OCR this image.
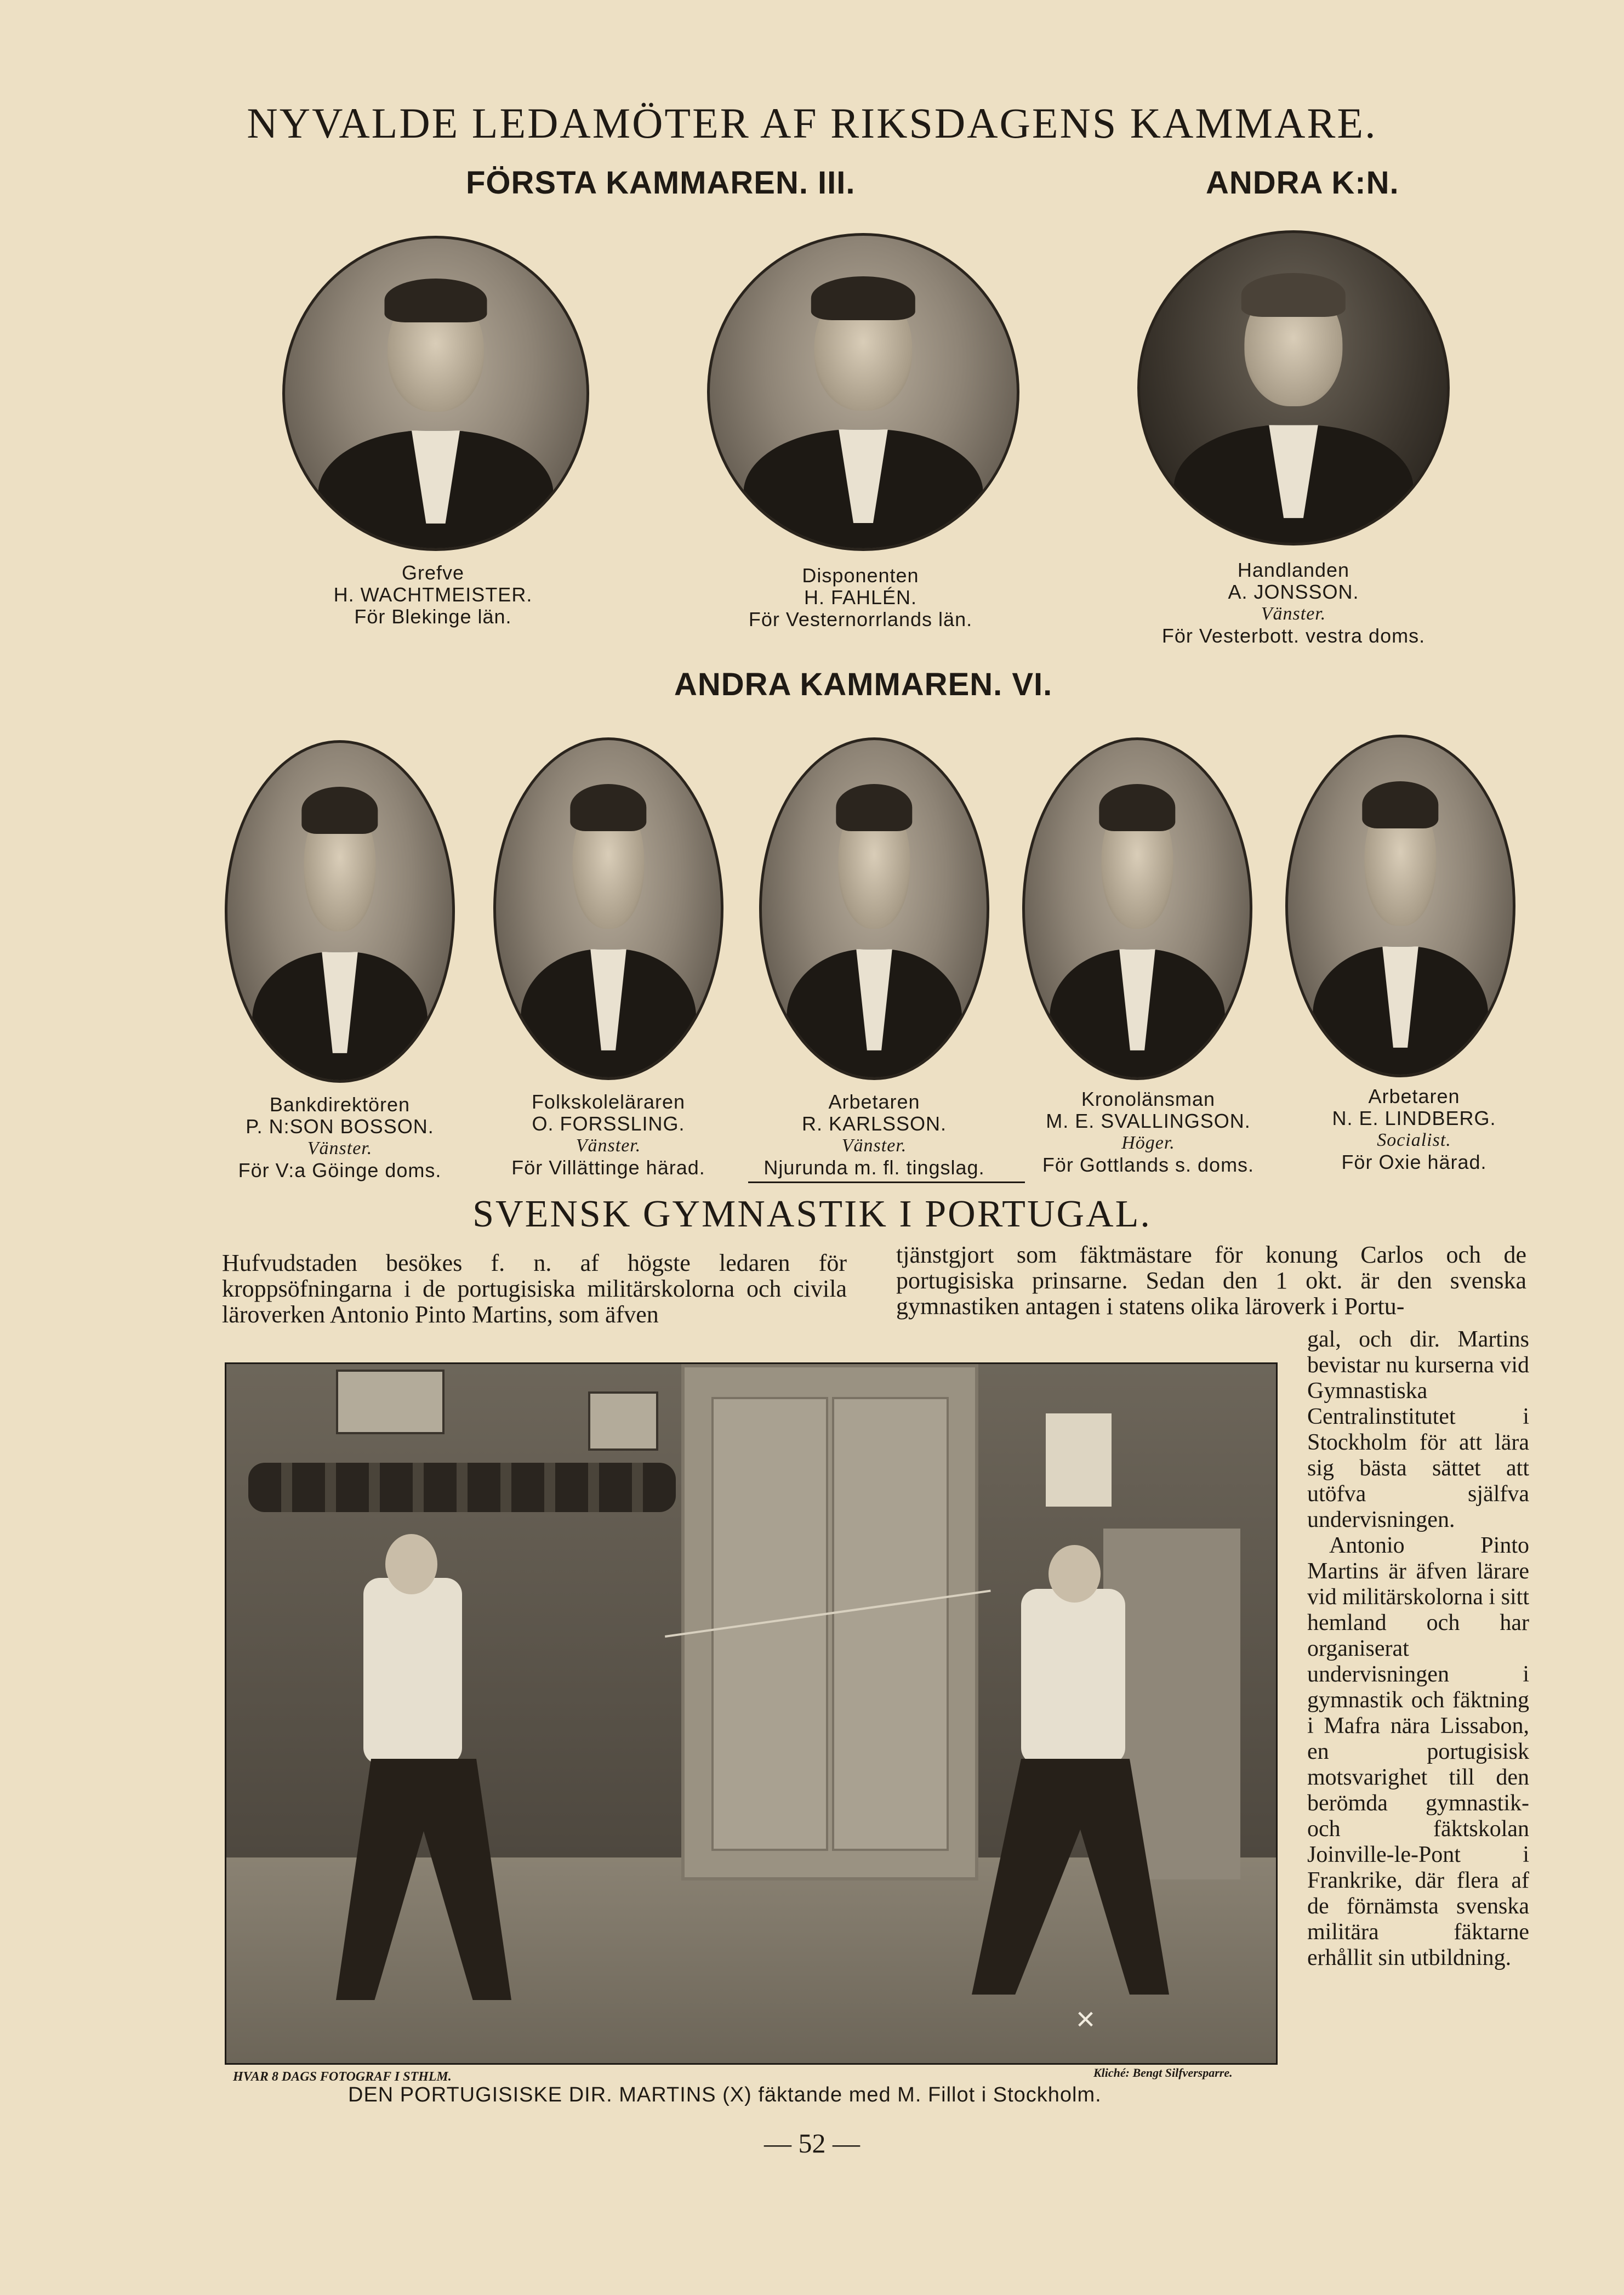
NYVALDE LEDAMÖTER AF RIKSDAGENS KAMMARE.
FÖRSTA KAMMAREN. III.	ANDRA K:N.
Grefve
H. WACHTMEISTER.
För Blekinge län.
Disponenten
H. FAHLÉN.
För Vesternorrlands län.
Handlanden
A. JONSSON.
Vänster.
För Vesterbott. vestra doms.
ANDRA KAMMAREN. VI.
Bankdirektören
P. N:SON BOSSON.
Vänster.
För V:a Göinge doms.
Folkskoleläraren
O. FORSSLING.
Vänster.
För Villättinge härad.
Arbetaren
R. KARLSSON.
Vänster.
Njurunda m. fl. tingslag.
Kronolänsman
M. E. SVALLINGSON.
Höger.
För Gottlands s. doms.
Arbetaren
N. E. LINDBERG.
Socialist.
För Oxie härad.
SVENSK GYMNASTIK I PORTUGAL.
Hufvudstaden besökes f. n. af högste ledaren för kroppsöfningarna i de portugisiska militärskolorna och civila läroverken Antonio Pinto Martins, som äfven
tjänstgjort som fäktmästare för konung Carlos och de portugisiska prinsarne. Sedan den 1 okt. är den svenska gymnastiken antagen i statens olika läroverk i Portu-
gal, och dir. Martins bevistar nu kurserna vid Gymnastiska Centralinstitutet i Stockholm för att lära sig bästa sättet att utöfva själfva undervisningen.
Antonio Pinto Martins är äfven lärare vid militärskolorna i sitt hemland och har organiserat undervisningen i gymnastik och fäktning i Mafra nära Lissabon, en portugisisk motsvarighet till den berömda gymnastik- och fäktskolan Joinville-le-Pont i Frankrike, där flera af de förnämsta svenska militära fäktarne erhållit sin utbildning.
×
HVAR 8 DAGS FOTOGRAF I STHLM.	Kliché: Bengt Silfversparre.
DEN PORTUGISISKE DIR. MARTINS (X) fäktande med M. Fillot i Stockholm.
— 52 —
